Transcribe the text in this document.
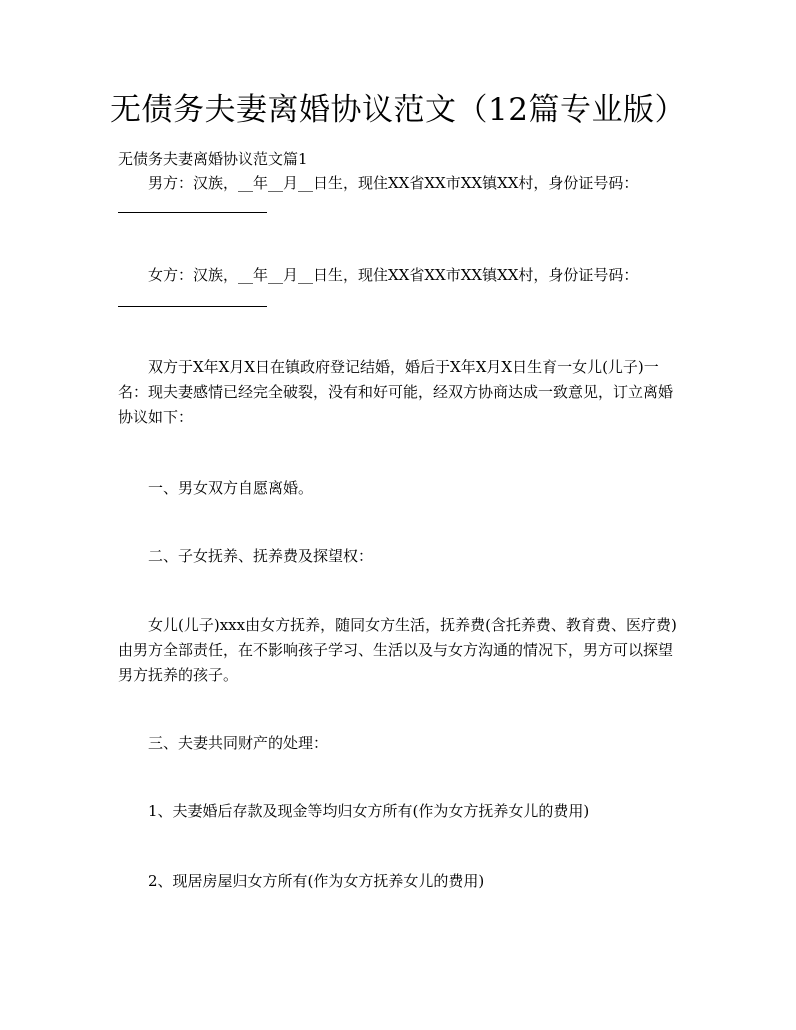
无债务夫妻离婚协议范文（12篇专业版）
无债务夫妻离婚协议范文篇1

男方：汉族，__年__月__日生，现住XX省XX市XX镇XX村，身份证号码：

女方：汉族，__年__月__日生，现住XX省XX市XX镇XX村，身份证号码：

双方于X年X月X日在镇政府登记结婚，婚后于X年X月X日生育一女儿(儿子)一名：现夫妻感情已经完全破裂，没有和好可能，经双方协商达成一致意见，订立离婚协议如下：

一、男女双方自愿离婚。

二、子女抚养、抚养费及探望权：

女儿(儿子)xxx由女方抚养，随同女方生活，抚养费(含托养费、教育费、医疗费)由男方全部责任，在不影响孩子学习、生活以及与女方沟通的情况下，男方可以探望男方抚养的孩子。

三、夫妻共同财产的处理：

1、夫妻婚后存款及现金等均归女方所有(作为女方抚养女儿的费用)

2、现居房屋归女方所有(作为女方抚养女儿的费用)
